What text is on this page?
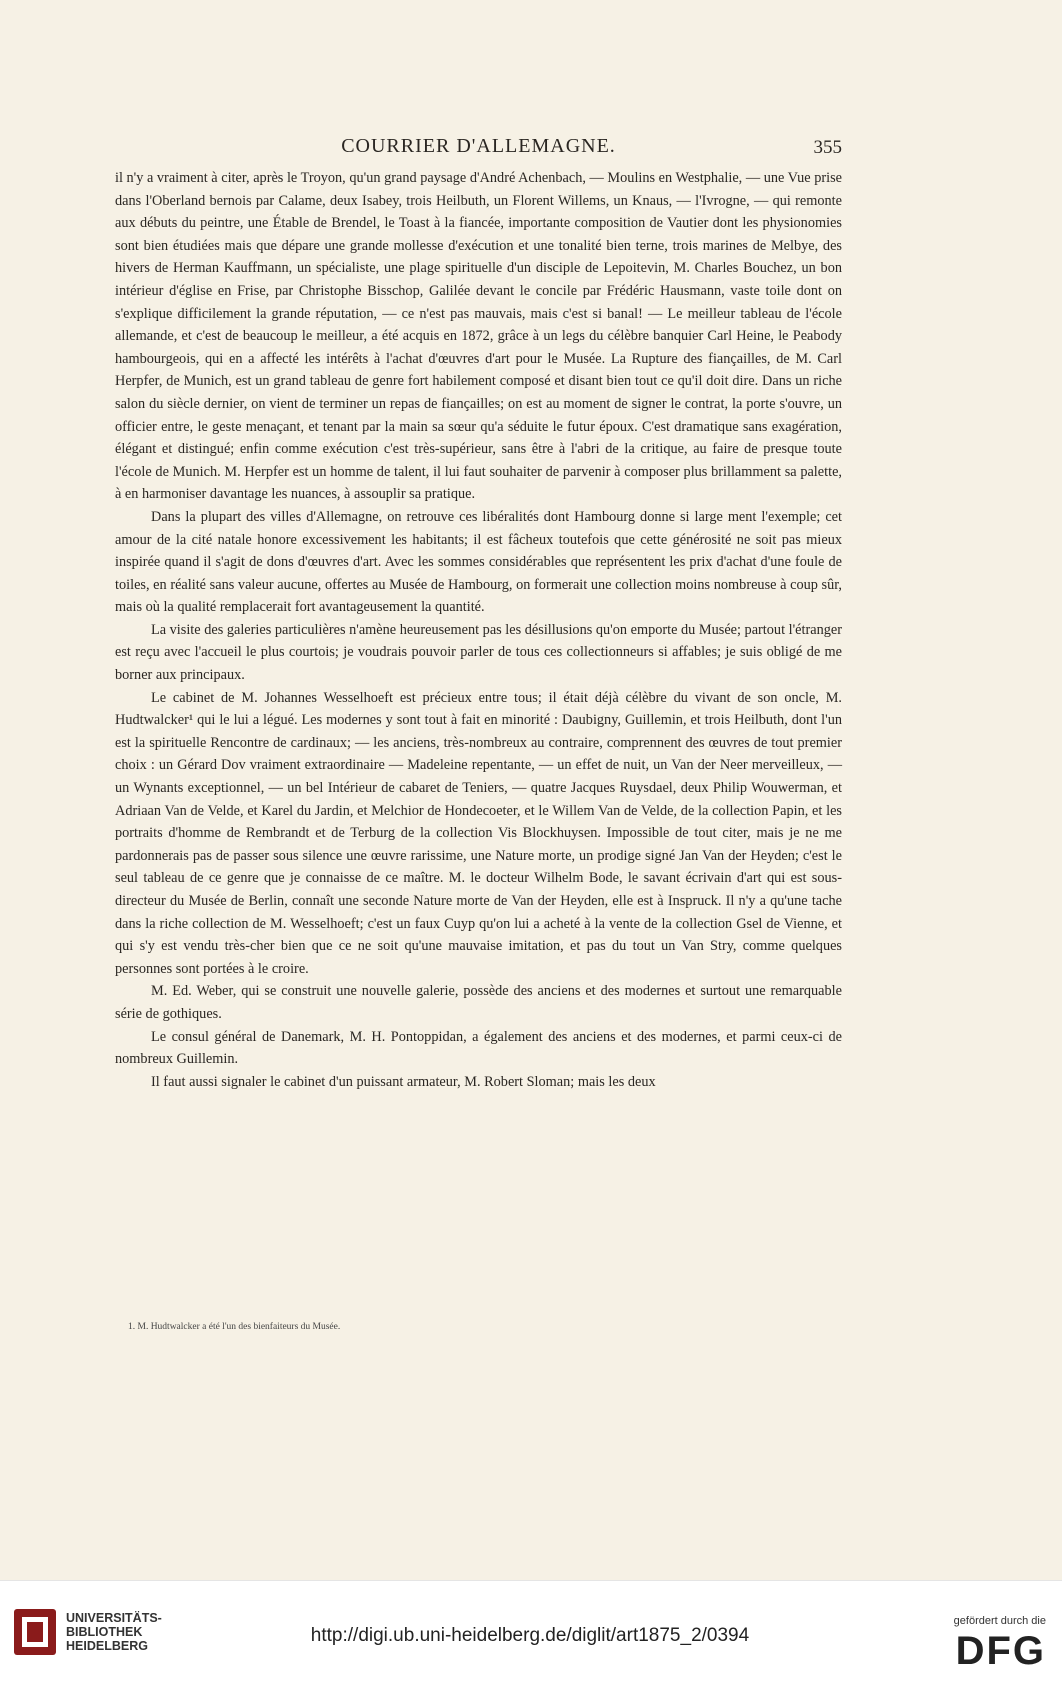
COURRIER D'ALLEMAGNE.	355

il n'y a vraiment à citer, après le Troyon, qu'un grand paysage d'André Achenbach, — Moulins en Westphalie, — une Vue prise dans l'Oberland bernois par Calame, deux Isabey, trois Heilbuth, un Florent Willems, un Knaus, — l'Ivrogne, — qui remonte aux débuts du peintre, une Étable de Brendel, le Toast à la fiancée, importante composition de Vautier dont les physionomies sont bien étudiées mais que dépare une grande mollesse d'exécution et une tonalité bien terne, trois marines de Melbye, des hivers de Herman Kauffmann, un spécialiste, une plage spirituelle d'un disciple de Lepoitevin, M. Charles Bouchez, un bon intérieur d'église en Frise, par Christophe Bisschop, Galilée devant le concile par Frédéric Hausmann, vaste toile dont on s'explique difficilement la grande réputation, — ce n'est pas mauvais, mais c'est si banal! — Le meilleur tableau de l'école allemande, et c'est de beaucoup le meilleur, a été acquis en 1872, grâce à un legs du célèbre banquier Carl Heine, le Peabody hambourgeois, qui en a affecté les intérêts à l'achat d'œuvres d'art pour le Musée. La Rupture des fiançailles, de M. Carl Herpfer, de Munich, est un grand tableau de genre fort habilement composé et disant bien tout ce qu'il doit dire. Dans un riche salon du siècle dernier, on vient de terminer un repas de fiançailles; on est au moment de signer le contrat, la porte s'ouvre, un officier entre, le geste menaçant, et tenant par la main sa sœur qu'a séduite le futur époux. C'est dramatique sans exagération, élégant et distingué; enfin comme exécution c'est très-supérieur, sans être à l'abri de la critique, au faire de presque toute l'école de Munich. M. Herpfer est un homme de talent, il lui faut souhaiter de parvenir à composer plus brillamment sa palette, à en harmoniser davantage les nuances, à assouplir sa pratique.

Dans la plupart des villes d'Allemagne, on retrouve ces libéralités dont Hambourg donne si large ment l'exemple; cet amour de la cité natale honore excessivement les habitants; il est fâcheux toutefois que cette générosité ne soit pas mieux inspirée quand il s'agit de dons d'œuvres d'art. Avec les sommes considérables que représentent les prix d'achat d'une foule de toiles, en réalité sans valeur aucune, offertes au Musée de Hambourg, on formerait une collection moins nombreuse à coup sûr, mais où la qualité remplacerait fort avantageusement la quantité.

La visite des galeries particulières n'amène heureusement pas les désillusions qu'on emporte du Musée; partout l'étranger est reçu avec l'accueil le plus courtois; je voudrais pouvoir parler de tous ces collectionneurs si affables; je suis obligé de me borner aux principaux.

Le cabinet de M. Johannes Wesselhoeft est précieux entre tous; il était déjà célèbre du vivant de son oncle, M. Hudtwalcker¹ qui le lui a légué. Les modernes y sont tout à fait en minorité : Daubigny, Guillemin, et trois Heilbuth, dont l'un est la spirituelle Rencontre de cardinaux; — les anciens, très-nombreux au contraire, comprennent des œuvres de tout premier choix : un Gérard Dov vraiment extraordinaire — Madeleine repentante, — un effet de nuit, un Van der Neer merveilleux, — un Wynants exceptionnel, — un bel Intérieur de cabaret de Teniers, — quatre Jacques Ruysdael, deux Philip Wouwerman, et Adriaan Van de Velde, et Karel du Jardin, et Melchior de Hondecoeter, et le Willem Van de Velde, de la collection Papin, et les portraits d'homme de Rembrandt et de Terburg de la collection Vis Blockhuysen. Impossible de tout citer, mais je ne me pardonnerais pas de passer sous silence une œuvre rarissime, une Nature morte, un prodige signé Jan Van der Heyden; c'est le seul tableau de ce genre que je connaisse de ce maître. M. le docteur Wilhelm Bode, le savant écrivain d'art qui est sous-directeur du Musée de Berlin, connaît une seconde Nature morte de Van der Heyden, elle est à Inspruck. Il n'y a qu'une tache dans la riche collection de M. Wesselhoeft; c'est un faux Cuyp qu'on lui a acheté à la vente de la collection Gsel de Vienne, et qui s'y est vendu très-cher bien que ce ne soit qu'une mauvaise imitation, et pas du tout un Van Stry, comme quelques personnes sont portées à le croire.

M. Ed. Weber, qui se construit une nouvelle galerie, possède des anciens et des modernes et surtout une remarquable série de gothiques.

Le consul général de Danemark, M. H. Pontoppidan, a également des anciens et des modernes, et parmi ceux-ci de nombreux Guillemin.

Il faut aussi signaler le cabinet d'un puissant armateur, M. Robert Sloman; mais les deux

1. M. Hudtwalcker a été l'un des bienfaiteurs du Musée.
UNIVERSITÄTS-
BIBLIOTHEK
HEIDELBERG	http://digi.ub.uni-heidelberg.de/diglit/art1875_2/0394
gefördert durch die
DFG
